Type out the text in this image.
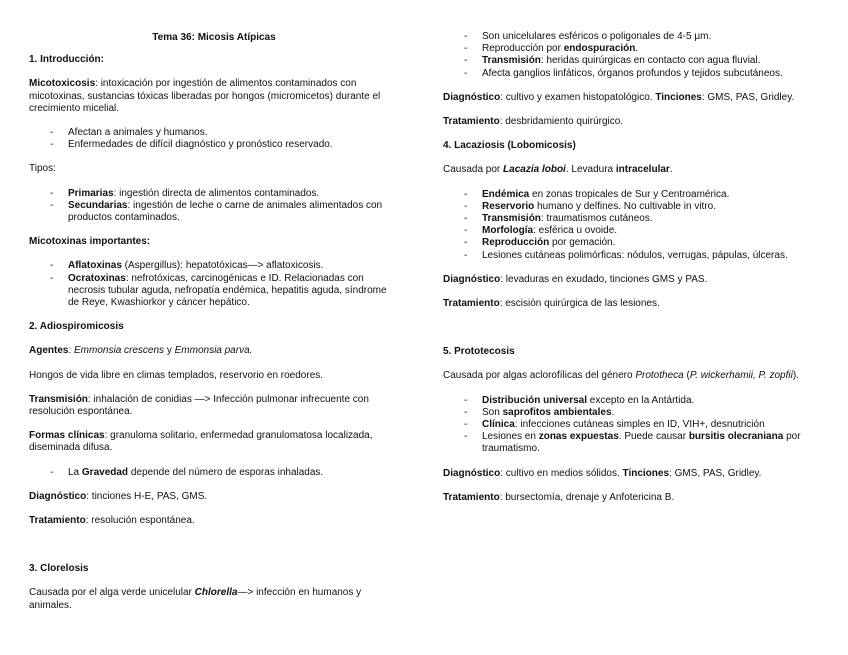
Tema 36: Micosis Atípicas

1. Introducción:

Micotoxicosis: intoxicación por ingestión de alimentos contaminados con micotoxinas, sustancias tóxicas liberadas por hongos (micromicetos) durante el crecimiento micelial.

- Afectan a animales y humanos.
- Enfermedades de difícil diagnóstico y pronóstico reservado.

Tipos:

- Primarias: ingestión directa de alimentos contaminados.
- Secundarias: ingestión de leche o carne de animales alimentados con productos contaminados.

Micotoxinas importantes:

- Aflatoxinas (Aspergillus): hepatotóxicas—> aflatoxicosis.
- Ocratoxinas: nefrotóxicas, carcinogénicas e ID. Relacionadas con necrosis tubular aguda, nefropatía endémica, hepatitis aguda, síndrome de Reye, Kwashiorkor y cáncer hepático.

2. Adiospiromicosis

Agentes: Emmonsia crescens y Emmonsia parva.

Hongos de vida libre en climas templados, reservorio en roedores.

Transmisión: inhalación de conidias —> Infección pulmonar infrecuente con resolución espontánea.

Formas clínicas: granuloma solitario, enfermedad granulomatosa localizada, diseminada difusa.

- La Gravedad depende del número de esporas inhaladas.

Diagnóstico: tinciones H-E, PAS, GMS.

Tratamiento: resolución espontánea.

3. Clorelosis

Causada por el alga verde unicelular Chlorella—> infección en humanos y animales.

- Son unicelulares esféricos o poligonales de 4-5 μm.
- Reproducción por endospuración.
- Transmisión: heridas quirúrgicas en contacto con agua fluvial.
- Afecta ganglios linfáticos, órganos profundos y tejidos subcutáneos.

Diagnóstico: cultivo y examen histopatológico. Tinciones: GMS, PAS, Gridley.

Tratamiento: desbridamiento quirúrgico.

4. Lacaziosis (Lobomicosis)

Causada por Lacazia loboi. Levadura intracelular.

- Endémica en zonas tropicales de Sur y Centroamérica.
- Reservorio humano y delfines. No cultivable in vitro.
- Transmisión: traumatismos cutáneos.
- Morfología: esférica u ovoide.
- Reproducción por gemación.
- Lesiones cutáneas polimórficas: nódulos, verrugas, pápulas, úlceras.

Diagnóstico: levaduras en exudado, tinciones GMS y PAS.

Tratamiento: escisión quirúrgica de las lesiones.

5. Prototecosis

Causada por algas aclorofílicas del género Prototheca (P. wickerhamii, P. zopfii).

- Distribución universal excepto en la Antártida.
- Son saprofitos ambientales.
- Clínica: infecciones cutáneas simples en ID, VIH+, desnutrición
- Lesiones en zonas expuestas. Puede causar bursitis olecraniana por traumatismo.

Diagnóstico: cultivo en medios sólidos. Tinciones: GMS, PAS, Gridley.

Tratamiento: bursectomía, drenaje y Anfotericina B.
